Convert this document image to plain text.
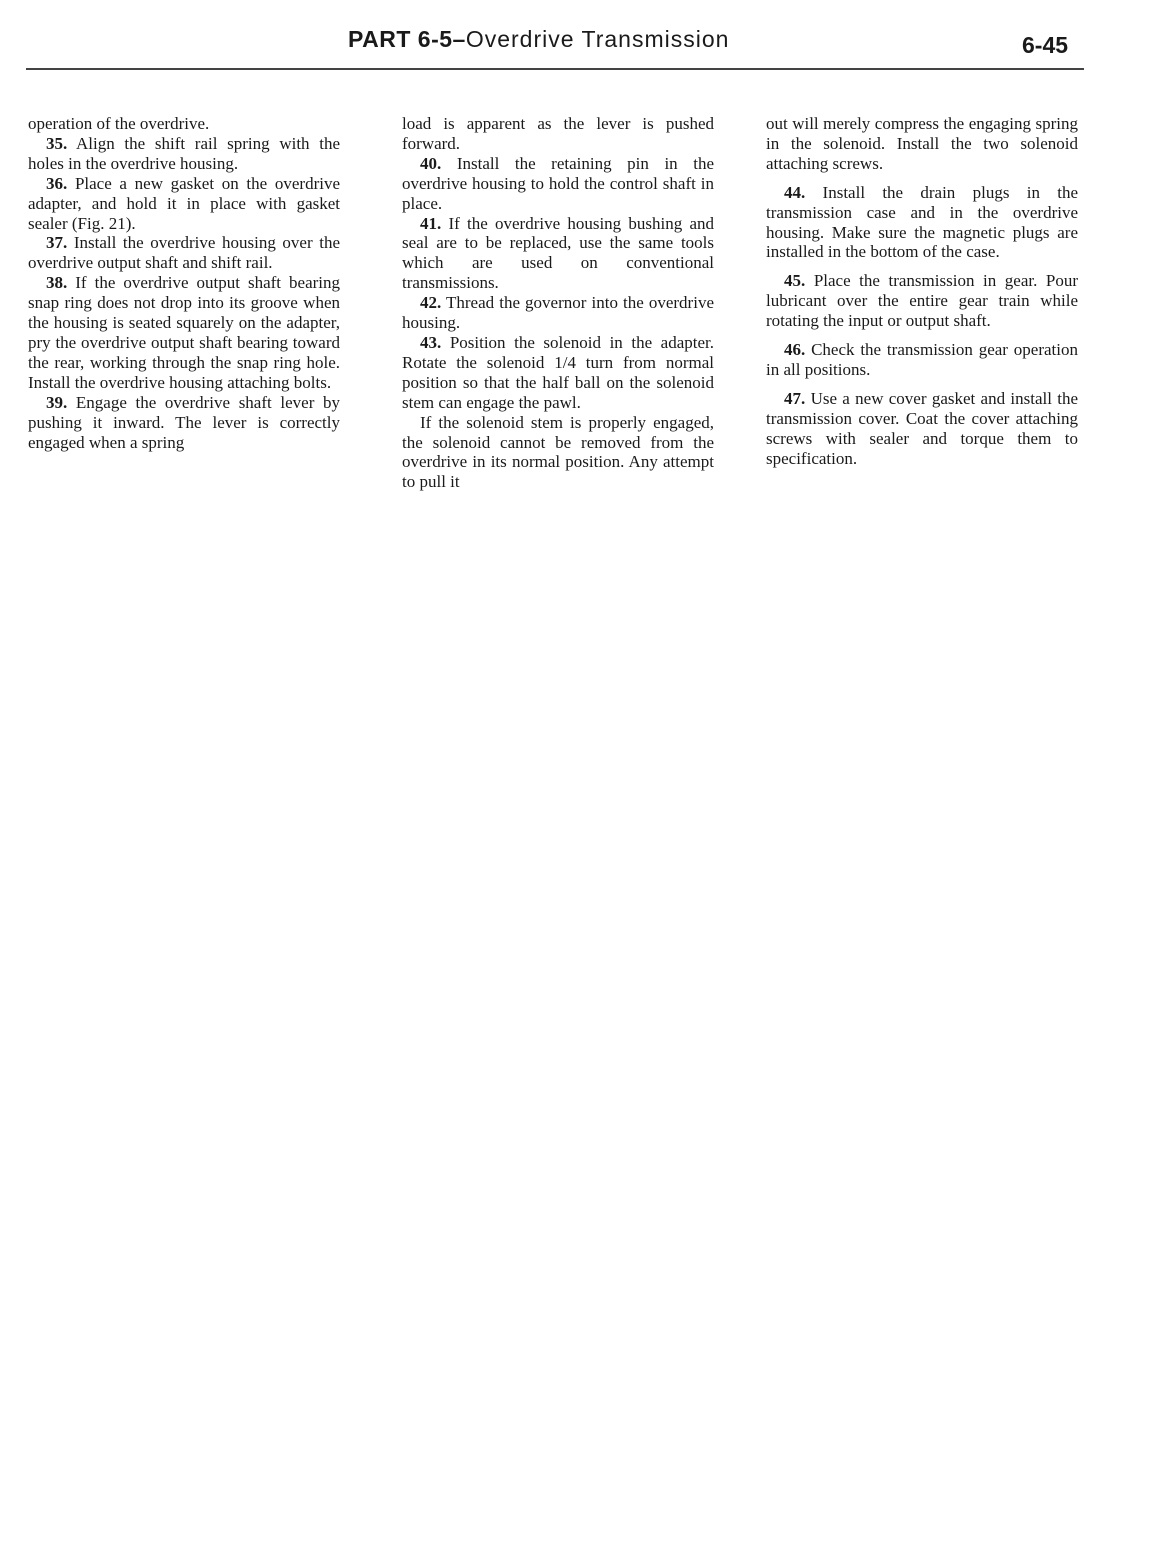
PART 6-5–Overdrive Transmission	6-45

operation of the overdrive.

35. Align the shift rail spring with the holes in the overdrive housing.

36. Place a new gasket on the overdrive adapter, and hold it in place with gasket sealer (Fig. 21).

37. Install the overdrive housing over the overdrive output shaft and shift rail.

38. If the overdrive output shaft bearing snap ring does not drop into its groove when the housing is seated squarely on the adapter, pry the overdrive output shaft bearing toward the rear, working through the snap ring hole. Install the overdrive housing attaching bolts.

39. Engage the overdrive shaft lever by pushing it inward. The lever is correctly engaged when a spring

load is apparent as the lever is pushed forward.

40. Install the retaining pin in the overdrive housing to hold the control shaft in place.

41. If the overdrive housing bushing and seal are to be replaced, use the same tools which are used on conventional transmissions.

42. Thread the governor into the overdrive housing.

43. Position the solenoid in the adapter. Rotate the solenoid 1/4 turn from normal position so that the half ball on the solenoid stem can engage the pawl.

If the solenoid stem is properly engaged, the solenoid cannot be removed from the overdrive in its normal position. Any attempt to pull it

out will merely compress the engaging spring in the solenoid. Install the two solenoid attaching screws.

44. Install the drain plugs in the transmission case and in the overdrive housing. Make sure the magnetic plugs are installed in the bottom of the case.

45. Place the transmission in gear. Pour lubricant over the entire gear train while rotating the input or output shaft.

46. Check the transmission gear operation in all positions.

47. Use a new cover gasket and install the transmission cover. Coat the cover attaching screws with sealer and torque them to specification.
